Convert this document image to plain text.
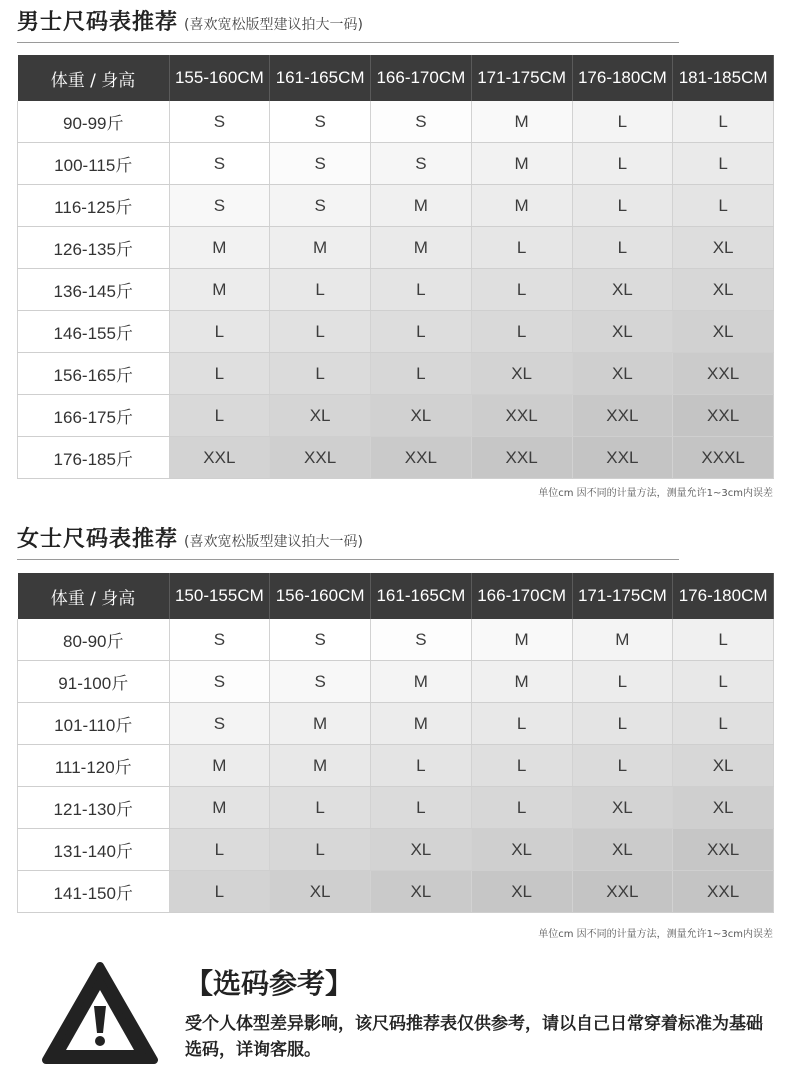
男士尺码表推荐 (喜欢宽松版型建议拍大一码)
体重 / 身高	155-160CM	161-165CM	166-170CM	171-175CM	176-180CM	181-185CM
90-99斤	S	S	S	M	L	L
100-115斤	S	S	S	M	L	L
116-125斤	S	S	M	M	L	L
126-135斤	M	M	M	L	L	XL
136-145斤	M	L	L	L	XL	XL
146-155斤	L	L	L	L	XL	XL
156-165斤	L	L	L	XL	XL	XXL
166-175斤	L	XL	XL	XXL	XXL	XXL
176-185斤	XXL	XXL	XXL	XXL	XXL	XXXL
单位cm 因不同的计量方法，测量允许1~3cm内误差
女士尺码表推荐 (喜欢宽松版型建议拍大一码)
体重 / 身高	150-155CM	156-160CM	161-165CM	166-170CM	171-175CM	176-180CM
80-90斤	S	S	S	M	M	L
91-100斤	S	S	M	M	L	L
101-110斤	S	M	M	L	L	L
111-120斤	M	M	L	L	L	XL
121-130斤	M	L	L	L	XL	XL
131-140斤	L	L	XL	XL	XL	XXL
141-150斤	L	XL	XL	XL	XXL	XXL
单位cm 因不同的计量方法，测量允许1~3cm内误差
【选码参考】
受个人体型差异影响，该尺码推荐表仅供参考，请以自己日常穿着标准为基础选码，详询客服。
